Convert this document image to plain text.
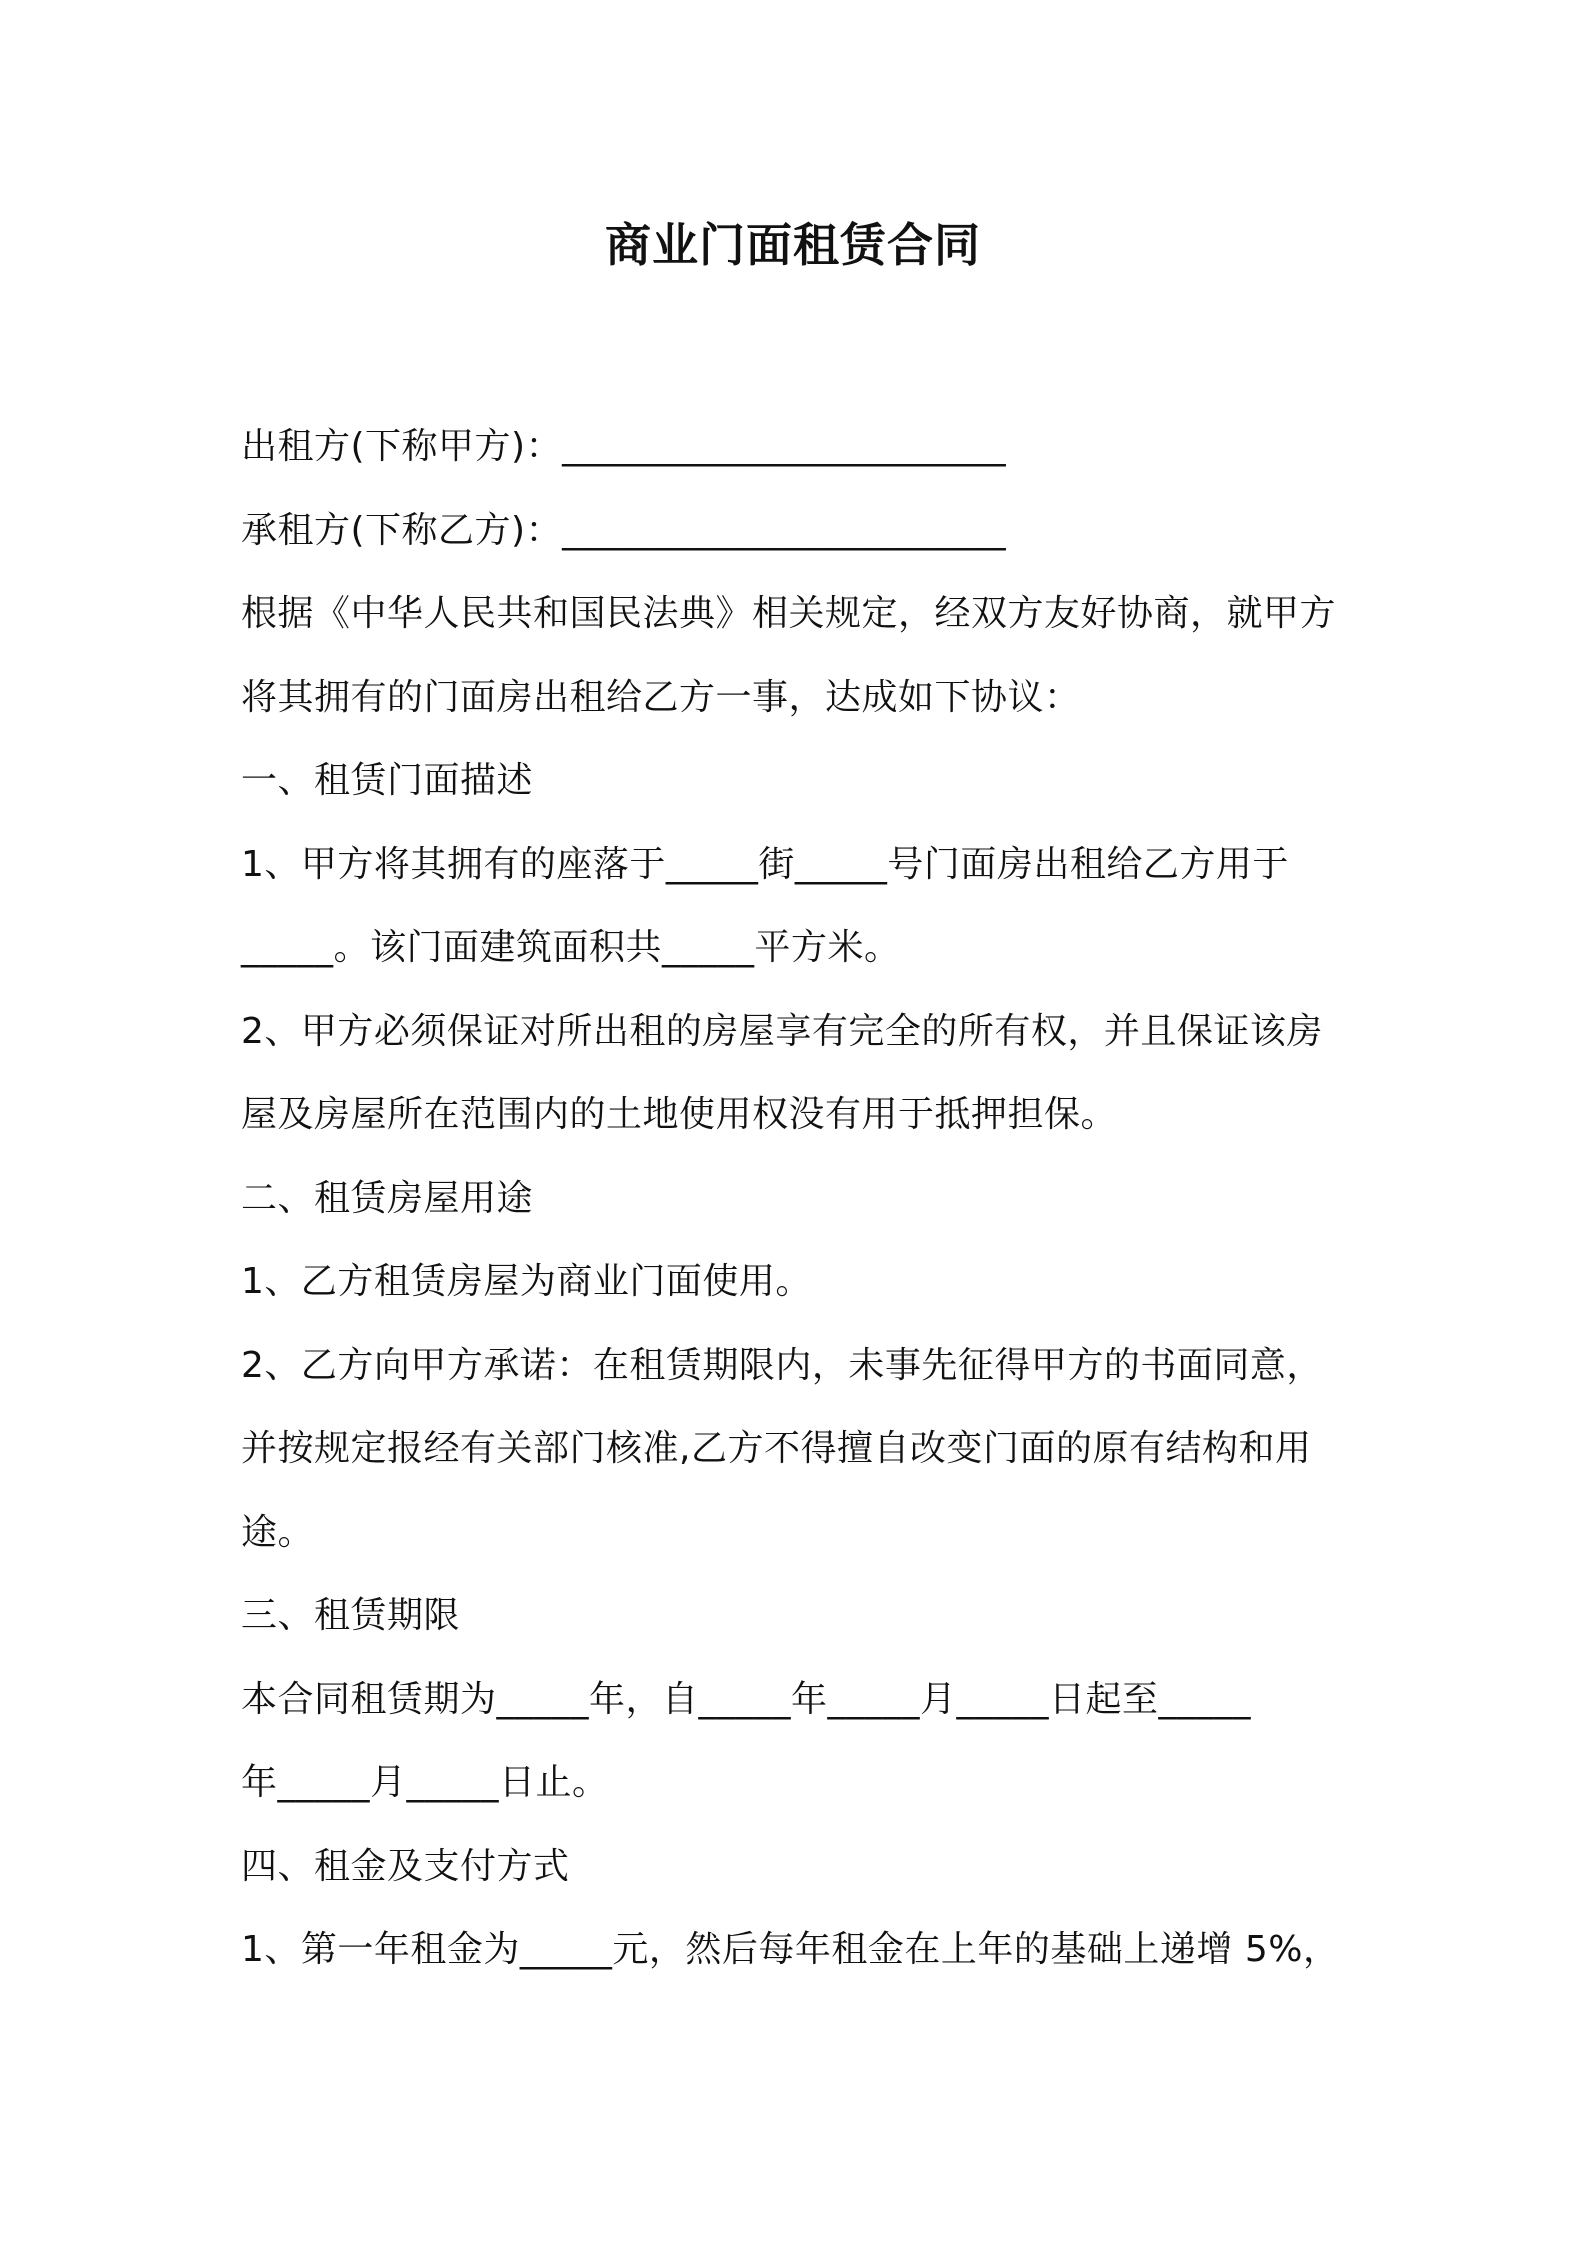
商业门面租赁合同
出租方(下称甲方)：________________________
承租方(下称乙方)：________________________
根据《中华人民共和国民法典》相关规定，经双方友好协商，就甲方
将其拥有的门面房出租给乙方一事，达成如下协议：
一、租赁门面描述
1、甲方将其拥有的座落于_____街_____号门面房出租给乙方用于
_____。该门面建筑面积共_____平方米。
2、甲方必须保证对所出租的房屋享有完全的所有权，并且保证该房
屋及房屋所在范围内的土地使用权没有用于抵押担保。
二、租赁房屋用途
1、乙方租赁房屋为商业门面使用。
2、乙方向甲方承诺：在租赁期限内，未事先征得甲方的书面同意，
并按规定报经有关部门核准,乙方不得擅自改变门面的原有结构和用
途。
三、租赁期限
本合同租赁期为_____年，自_____年_____月_____日起至_____
年_____月_____日止。
四、租金及支付方式
1、第一年租金为_____元，然后每年租金在上年的基础上递增 5%，
